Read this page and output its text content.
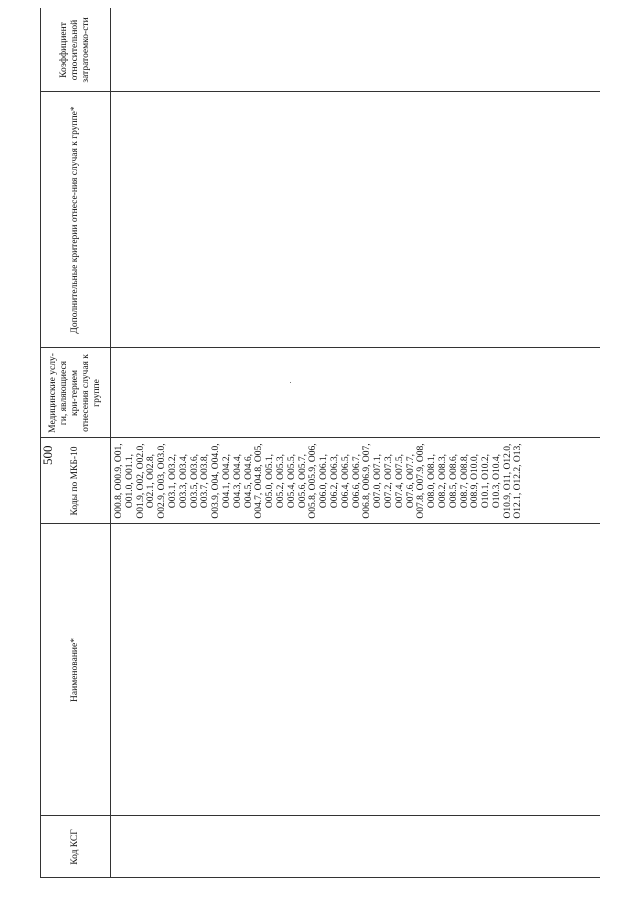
Код КСГ
Наименование*
Коды по МКБ-10
Медицинские услу-ги, являющиеся кри-терием отнесения случая к группе
Дополнительные критерии отнесе-ния случая к группе*
Коэффициент относительной затратоемко-сти
O00.8, O00.9, O01, O01.0, O01.1, O01.9, O02, O02.0, O02.1, O02.8, O02.9, O03, O03.0, O03.1, O03.2, O03.3, O03.4, O03.5, O03.6, O03.7, O03.8, O03.9, O04, O04.0, O04.1, O04.2, O04.3, O04.4, O04.5, O04.6, O04.7, O04.8, O05, O05.0, O05.1, O05.2, O05.3, O05.4, O05.5, O05.6, O05.7, O05.8, O05.9, O06, O06.0, O06.1, O06.2, O06.3, O06.4, O06.5, O06.6, O06.7, O06.8, O06.9, O07, O07.0, O07.1, O07.2, O07.3, O07.4, O07.5, O07.6, O07.7, O07.8, O07.9, O08, O08.0, O08.1, O08.2, O08.3, O08.5, O08.6, O08.7, O08.8, O08.9, O10.0, O10.1, O10.2, O10.3, O10.4, O10.9, O11, O12.0, O12.1, O12.2, O13,
500
